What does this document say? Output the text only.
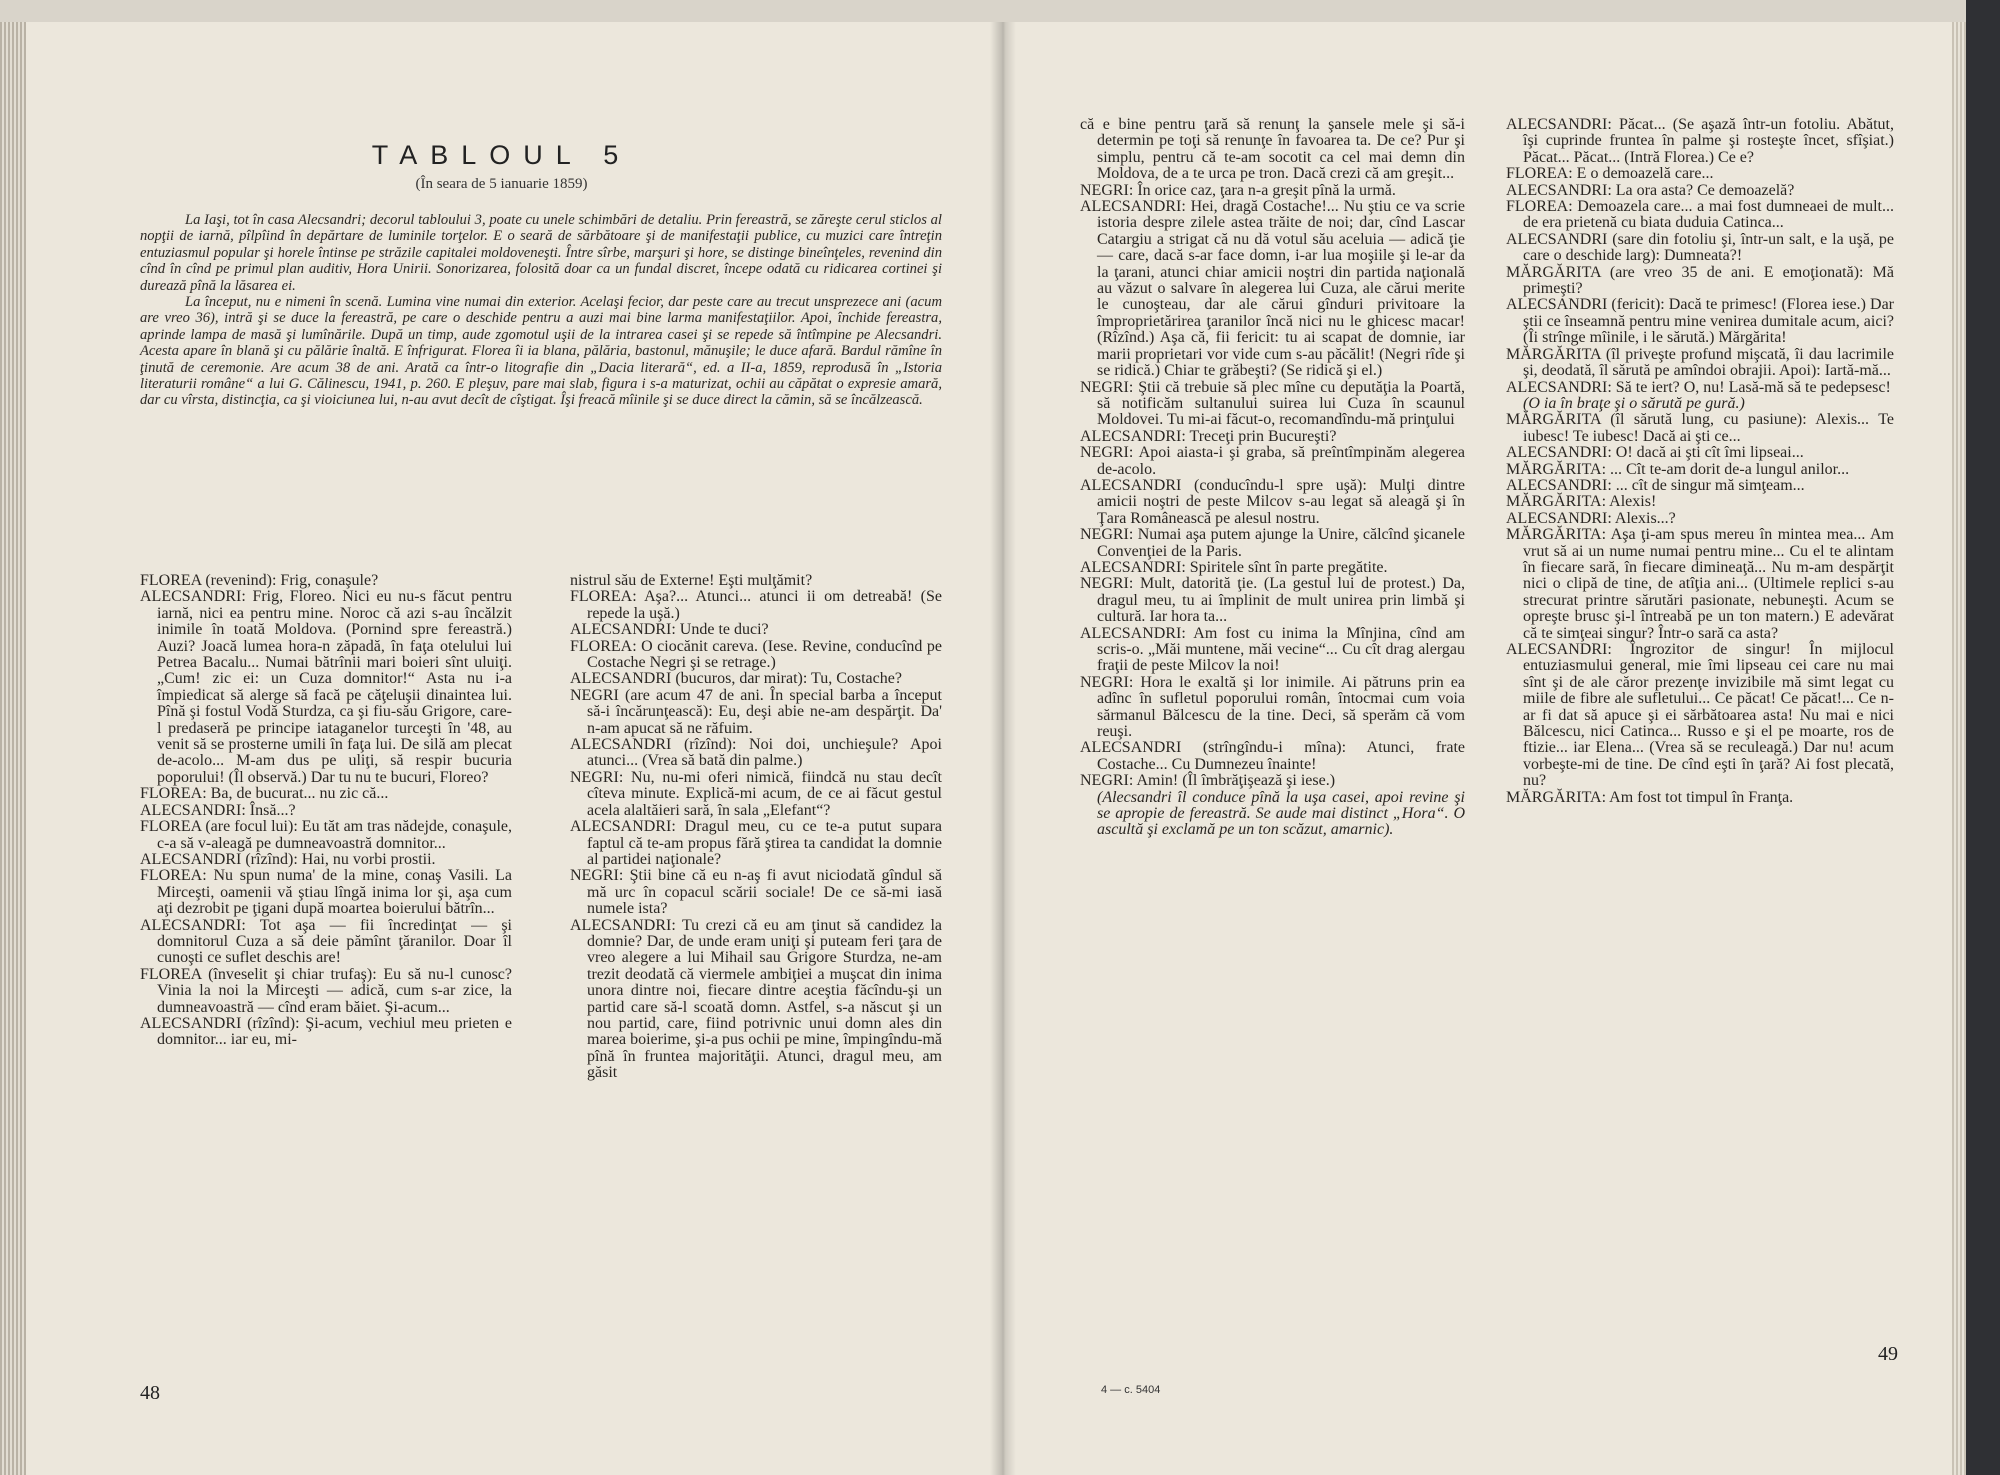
TABLOUL 5
(În seara de 5 ianuarie 1859)

La Iaşi, tot în casa Alecsandri; decorul tabloului 3, poate cu unele schimbări de detaliu. Prin fereastră, se zăreşte cerul sticlos al nopţii de iarnă, pîlpîind în depărtare de luminile torţelor. E o seară de sărbătoare şi de manifestaţii publice, cu muzici care întreţin entuziasmul popular şi horele întinse pe străzile capitalei moldoveneşti. Între sîrbe, marşuri şi hore, se distinge bineînţeles, revenind din cînd în cînd pe primul plan auditiv, Hora Unirii. Sonorizarea, folosită doar ca un fundal discret, începe odată cu ridicarea cortinei şi durează pînă la lăsarea ei.

La început, nu e nimeni în scenă. Lumina vine numai din exterior. Acelaşi fecior, dar peste care au trecut unsprezece ani (acum are vreo 36), intră şi se duce la fereastră, pe care o deschide pentru a auzi mai bine larma manifestaţiilor. Apoi, închide fereastra, aprinde lampa de masă şi lumînările. După un timp, aude zgomotul uşii de la intrarea casei şi se repede să întîmpine pe Alecsandri. Acesta apare în blană şi cu pălărie înaltă. E înfrigurat. Florea îi ia blana, pălăria, bastonul, mănuşile; le duce afară. Bardul rămîne în ţinută de ceremonie. Are acum 38 de ani. Arată ca într-o litografie din „Dacia literară“, ed. a II-a, 1859, reprodusă în „Istoria literaturii române“ a lui G. Călinescu, 1941, p. 260. E pleşuv, pare mai slab, figura i s-a maturizat, ochii au căpătat o expresie amară, dar cu vîrsta, distincţia, ca şi vioiciunea lui, n-au avut decît de cîştigat. Îşi freacă mîinile şi se duce direct la cămin, să se încălzească.

FLOREA (revenind): Frig, conaşule?

ALECSANDRI: Frig, Floreo. Nici eu nu-s făcut pentru iarnă, nici ea pentru mine. Noroc că azi s-au încălzit inimile în toată Moldova. (Pornind spre fereastră.) Auzi? Joacă lumea hora-n zăpadă, în faţa otelului lui Petrea Bacalu... Numai bătrînii mari boieri sînt uluiţi. „Cum! zic ei: un Cuza domnitor!“ Asta nu i-a împiedicat să alerge să facă pe căţeluşii dinaintea lui. Pînă şi fostul Vodă Sturdza, ca şi fiu-său Grigore, care-l predaseră pe principe iataganelor turceşti în '48, au venit să se prosterne umili în faţa lui. De silă am plecat de-acolo... M-am dus pe uliţi, să respir bucuria poporului! (Îl observă.) Dar tu nu te bucuri, Floreo?

FLOREA: Ba, de bucurat... nu zic că...

ALECSANDRI: Însă...?

FLOREA (are focul lui): Eu tăt am tras nădejde, conaşule, c-a să v-aleagă pe dumneavoastră domnitor...

ALECSANDRI (rîzînd): Hai, nu vorbi prostii.

FLOREA: Nu spun numa' de la mine, conaş Vasili. La Mirceşti, oamenii vă ştiau lîngă inima lor şi, aşa cum aţi dezrobit pe ţigani după moartea boierului bătrîn...

ALECSANDRI: Tot aşa — fii încredinţat — şi domnitorul Cuza a să deie pămînt ţăranilor. Doar îl cunoşti ce suflet deschis are!

FLOREA (înveselit şi chiar trufaş): Eu să nu-l cunosc? Vinia la noi la Mirceşti — adică, cum s-ar zice, la dumneavoastră — cînd eram băiet. Şi-acum...

ALECSANDRI (rîzînd): Şi-acum, vechiul meu prieten e domnitor... iar eu, mi-

nistrul său de Externe! Eşti mulţămit?

FLOREA: Aşa?... Atunci... atunci ii om detreabă! (Se repede la uşă.)

ALECSANDRI: Unde te duci?

FLOREA: O ciocănit careva. (Iese. Revine, conducînd pe Costache Negri şi se retrage.)

ALECSANDRI (bucuros, dar mirat): Tu, Costache?

NEGRI (are acum 47 de ani. În special barba a început să-i încărunţească): Eu, deşi abie ne-am despărţit. Da' n-am apucat să ne răfuim.

ALECSANDRI (rîzînd): Noi doi, unchieşule? Apoi atunci... (Vrea să bată din palme.)

NEGRI: Nu, nu-mi oferi nimică, fiindcă nu stau decît cîteva minute. Explică-mi acum, de ce ai făcut gestul acela alaltăieri sară, în sala „Elefant“?

ALECSANDRI: Dragul meu, cu ce te-a putut supara faptul că te-am propus fără ştirea ta candidat la domnie al partidei naţionale?

NEGRI: Ştii bine că eu n-aş fi avut niciodată gîndul să mă urc în copacul scării sociale! De ce să-mi iasă numele ista?

ALECSANDRI: Tu crezi că eu am ţinut să candidez la domnie? Dar, de unde eram uniţi şi puteam feri ţara de vreo alegere a lui Mihail sau Grigore Sturdza, ne-am trezit deodată că viermele ambiţiei a muşcat din inima unora dintre noi, fiecare dintre aceştia făcîndu-şi un partid care să-l scoată domn. Astfel, s-a născut şi un nou partid, care, fiind potrivnic unui domn ales din marea boierime, şi-a pus ochii pe mine, împingîndu-mă pînă în fruntea majorităţii. Atunci, dragul meu, am găsit

48

că e bine pentru ţară să renunţ la şansele mele şi să-i determin pe toţi să renunţe în favoarea ta. De ce? Pur şi simplu, pentru că te-am socotit ca cel mai demn din Moldova, de a te urca pe tron. Dacă crezi că am greşit...

NEGRI: În orice caz, ţara n-a greşit pînă la urmă.

ALECSANDRI: Hei, dragă Costache!... Nu ştiu ce va scrie istoria despre zilele astea trăite de noi; dar, cînd Lascar Catargiu a strigat că nu dă votul său aceluia — adică ţie — care, dacă s-ar face domn, i-ar lua moşiile şi le-ar da la ţarani, atunci chiar amicii noştri din partida naţională au văzut o salvare în alegerea lui Cuza, ale cărui merite le cunoşteau, dar ale cărui gînduri privitoare la împroprietărirea ţaranilor încă nici nu le ghicesc macar! (Rîzînd.) Aşa că, fii fericit: tu ai scapat de domnie, iar marii proprietari vor vide cum s-au păcălit! (Negri rîde şi se ridică.) Chiar te grăbeşti? (Se ridică şi el.)

NEGRI: Ştii că trebuie să plec mîne cu deputăţia la Poartă, să notificăm sultanului suirea lui Cuza în scaunul Moldovei. Tu mi-ai făcut-o, recomandîndu-mă prinţului

ALECSANDRI: Treceţi prin Bucureşti?

NEGRI: Apoi aiasta-i şi graba, să preîntîmpinăm alegerea de-acolo.

ALECSANDRI (conducîndu-l spre uşă): Mulţi dintre amicii noştri de peste Milcov s-au legat să aleagă şi în Ţara Românească pe alesul nostru.

NEGRI: Numai aşa putem ajunge la Unire, călcînd şicanele Convenţiei de la Paris.

ALECSANDRI: Spiritele sînt în parte pregătite.

NEGRI: Mult, datorită ţie. (La gestul lui de protest.) Da, dragul meu, tu ai împlinit de mult unirea prin limbă şi cultură. Iar hora ta...

ALECSANDRI: Am fost cu inima la Mînjina, cînd am scris-o. „Măi muntene, măi vecine“... Cu cît drag alergau fraţii de peste Milcov la noi!

NEGRI: Hora le exaltă şi lor inimile. Ai pătruns prin ea adînc în sufletul poporului român, întocmai cum voia sărmanul Bălcescu de la tine. Deci, să sperăm că vom reuşi.

ALECSANDRI (strîngîndu-i mîna): Atunci, frate Costache... Cu Dumnezeu înainte!

NEGRI: Amin! (Îl îmbrăţişează şi iese.)

(Alecsandri îl conduce pînă la uşa casei, apoi revine şi se apropie de fereastră. Se aude mai distinct „Hora“. O ascultă şi exclamă pe un ton scăzut, amarnic).

ALECSANDRI: Păcat... (Se aşază într-un fotoliu. Abătut, îşi cuprinde fruntea în palme şi rosteşte încet, sfîşiat.) Păcat... Păcat... (Intră Florea.) Ce e?

FLOREA: E o demoazelă care...

ALECSANDRI: La ora asta? Ce demoazelă?

FLOREA: Demoazela care... a mai fost dumneaei de mult... de era prietenă cu biata duduia Catinca...

ALECSANDRI (sare din fotoliu şi, într-un salt, e la uşă, pe care o deschide larg): Dumneata?!

MĂRGĂRITA (are vreo 35 de ani. E emoţionată): Mă primeşti?

ALECSANDRI (fericit): Dacă te primesc! (Florea iese.) Dar ştii ce înseamnă pentru mine venirea dumitale acum, aici? (Îi strînge mîinile, i le sărută.) Mărgărita!

MĂRGĂRITA (îl priveşte profund mişcată, îi dau lacrimile şi, deodată, îl sărută pe amîndoi obrajii. Apoi): Iartă-mă...

ALECSANDRI: Să te iert? O, nu! Lasă-mă să te pedepsesc!

(O ia în braţe şi o sărută pe gură.)

MĂRGĂRITA (îl sărută lung, cu pasiune): Alexis... Te iubesc! Te iubesc! Dacă ai şti ce...

ALECSANDRI: O! dacă ai şti cît îmi lipseai...

MĂRGĂRITA: ... Cît te-am dorit de-a lungul anilor...

ALECSANDRI: ... cît de singur mă simţeam...

MĂRGĂRITA: Alexis!

ALECSANDRI: Alexis...?

MĂRGĂRITA: Aşa ţi-am spus mereu în mintea mea... Am vrut să ai un nume numai pentru mine... Cu el te alintam în fiecare sară, în fiecare dimineaţă... Nu m-am despărţit nici o clipă de tine, de atîţia ani... (Ultimele replici s-au strecurat printre sărutări pasionate, nebuneşti. Acum se opreşte brusc şi-l întreabă pe un ton matern.) E adevărat că te simţeai singur? Într-o sară ca asta?

ALECSANDRI: Îngrozitor de singur! În mijlocul entuziasmului general, mie îmi lipseau cei care nu mai sînt şi de ale căror prezenţe invizibile mă simt legat cu miile de fibre ale sufletului... Ce păcat! Ce păcat!... Ce n-ar fi dat să apuce şi ei sărbătoarea asta! Nu mai e nici Bălcescu, nici Catinca... Russo e şi el pe moarte, ros de ftizie... iar Elena... (Vrea să se reculeagă.) Dar nu! acum vorbeşte-mi de tine. De cînd eşti în ţară? Ai fost plecată, nu?

MĂRGĂRITA: Am fost tot timpul în Franţa.

4 — c. 5404
49
